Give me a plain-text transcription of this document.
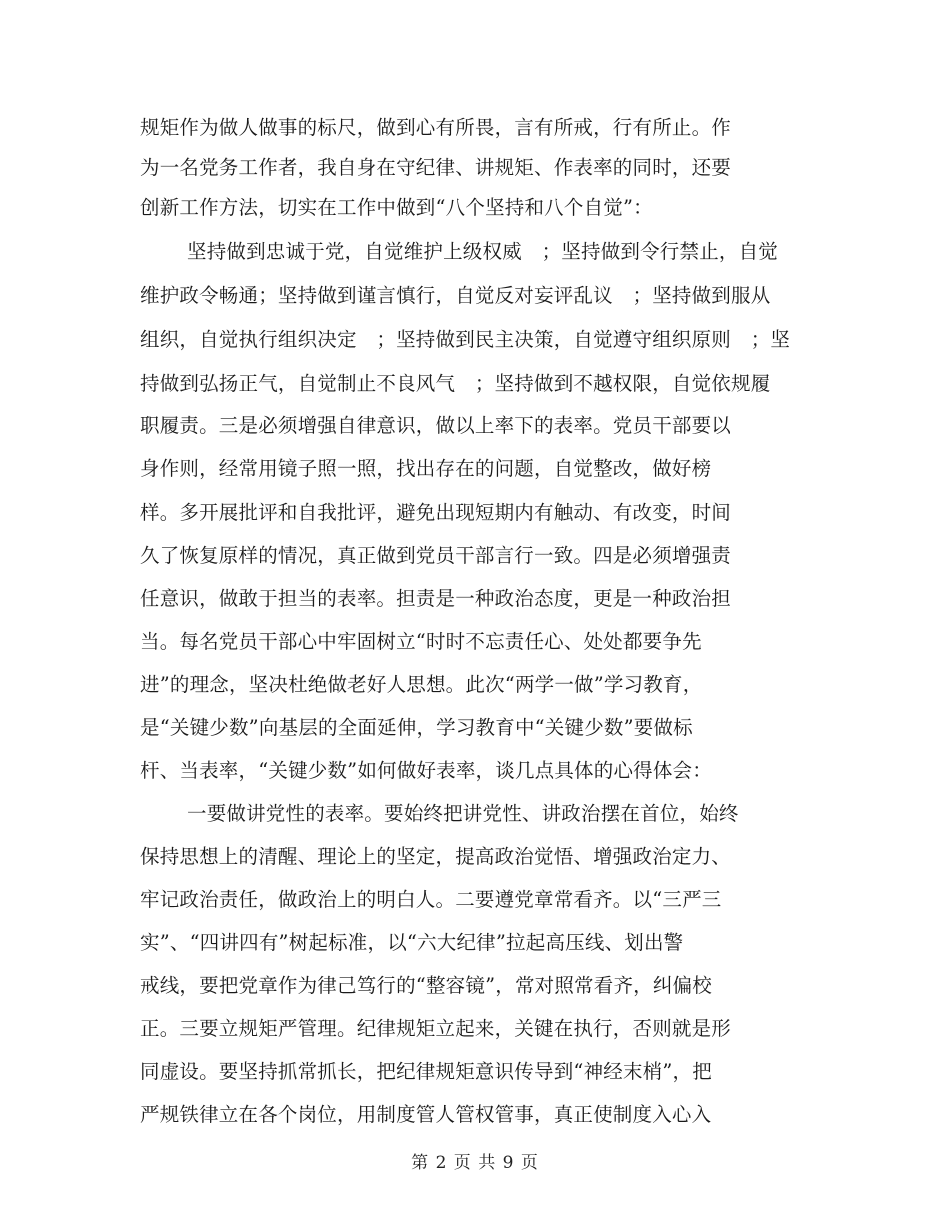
规矩作为做人做事的标尺，做到心有所畏，言有所戒，行有所止。作
为一名党务工作者，我自身在守纪律、讲规矩、作表率的同时，还要
创新工作方法，切实在工作中做到“八个坚持和八个自觉”：
坚持做到忠诚于党，自觉维护上级权威　；坚持做到令行禁止，自觉
维护政令畅通；坚持做到谨言慎行，自觉反对妄评乱议　；坚持做到服从
组织，自觉执行组织决定　；坚持做到民主决策，自觉遵守组织原则　；坚
持做到弘扬正气，自觉制止不良风气　；坚持做到不越权限，自觉依规履
职履责。三是必须增强自律意识，做以上率下的表率。党员干部要以
身作则，经常用镜子照一照，找出存在的问题，自觉整改，做好榜
样。多开展批评和自我批评，避免出现短期内有触动、有改变，时间
久了恢复原样的情况，真正做到党员干部言行一致。四是必须增强责
任意识，做敢于担当的表率。担责是一种政治态度，更是一种政治担
当。每名党员干部心中牢固树立“时时不忘责任心、处处都要争先
进”的理念，坚决杜绝做老好人思想。此次“两学一做”学习教育，
是“关键少数”向基层的全面延伸，学习教育中“关键少数”要做标
杆、当表率，“关键少数”如何做好表率，谈几点具体的心得体会：
一要做讲党性的表率。要始终把讲党性、讲政治摆在首位，始终
保持思想上的清醒、理论上的坚定，提高政治觉悟、增强政治定力、
牢记政治责任，做政治上的明白人。二要遵党章常看齐。以“三严三
实”、“四讲四有”树起标准，以“六大纪律”拉起高压线、划出警
戒线，要把党章作为律己笃行的“整容镜”，常对照常看齐，纠偏校
正。三要立规矩严管理。纪律规矩立起来，关键在执行，否则就是形
同虚设。要坚持抓常抓长，把纪律规矩意识传导到“神经末梢”，把
严规铁律立在各个岗位，用制度管人管权管事，真正使制度入心入
第 2 页 共 9 页
